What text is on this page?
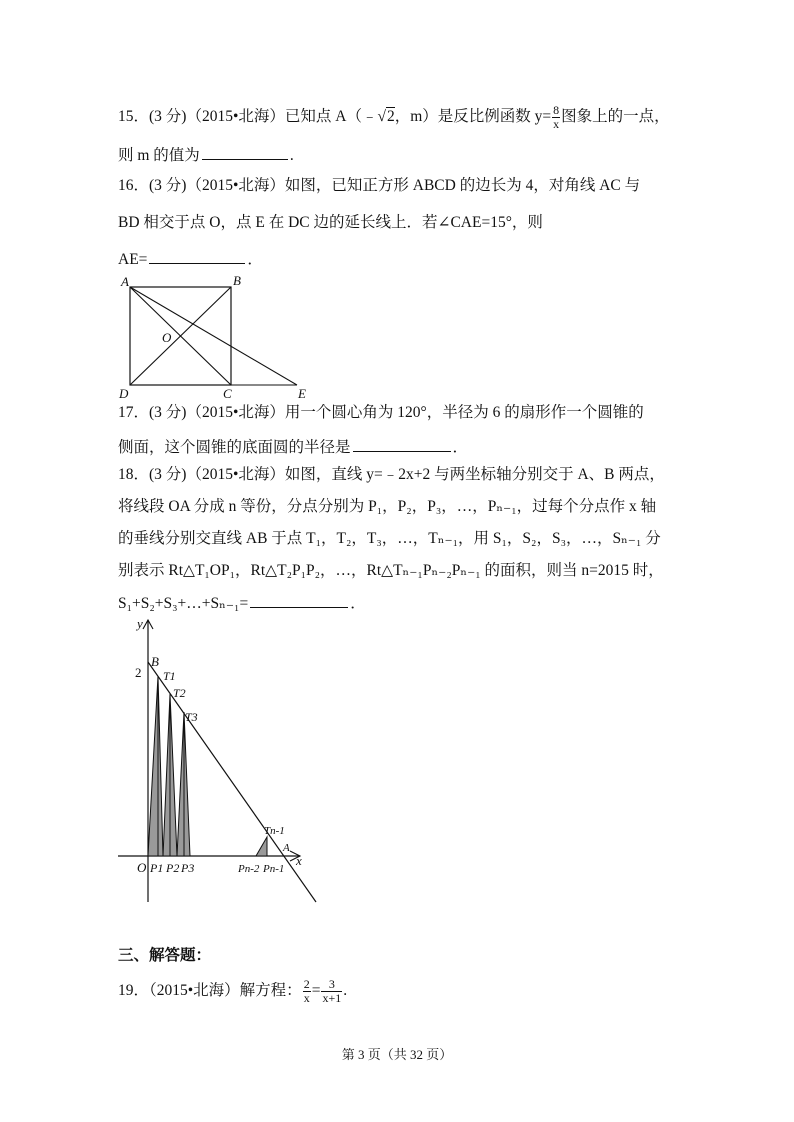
15．(3 分)（2015•北海）已知点 A（﹣√2，m）是反比例函数 $y= \frac{8}{x}$ 图象上的一点，
则 m 的值为	.
16．(3 分)（2015•北海）如图，已知正方形 ABCD 的边长为 4，对角线 AC 与
BD 相交于点 O，点 E 在 DC 边的延长线上．若∠CAE=15°，则
AE=	．
A	B
C
D
O
E
17．(3 分)（2015•北海）用一个圆心角为 120°，半径为 6 的扇形作一个圆锥的
侧面，这个圆锥的底面圆的半径是	．
18．(3 分)（2015•北海）如图，直线 y=﹣2x+2 与两坐标轴分别交于 A、B 两点，
将线段 OA 分成 n 等份，分点分别为 P₁，P₂，P₃，…，Pₙ₋₁，过每个分点作 x 轴
的垂线分别交直线 AB 于点 T₁，T₂，T₃，…，Tₙ₋₁，用 S₁，S₂，S₃，…，Sₙ₋₁ 分
别表示 Rt△T₁OP₁，Rt△T₂P₁P₂，…，Rt△Tₙ₋₁Pₙ₋₂Pₙ₋₁ 的面积，则当 n=2015 时，
S₁+S₂+S₃+…+Sₙ₋₁=	．
y
x
2
B
O
A
T1
T2
T3
Tn-1
P1 P2 P3	Pn-2 Pn-1
三、解答题：
19．（2015•北海）解方程： $\frac{2}{x} = \frac{3}{x+1}$ .
第 3 页（共 32 页）
